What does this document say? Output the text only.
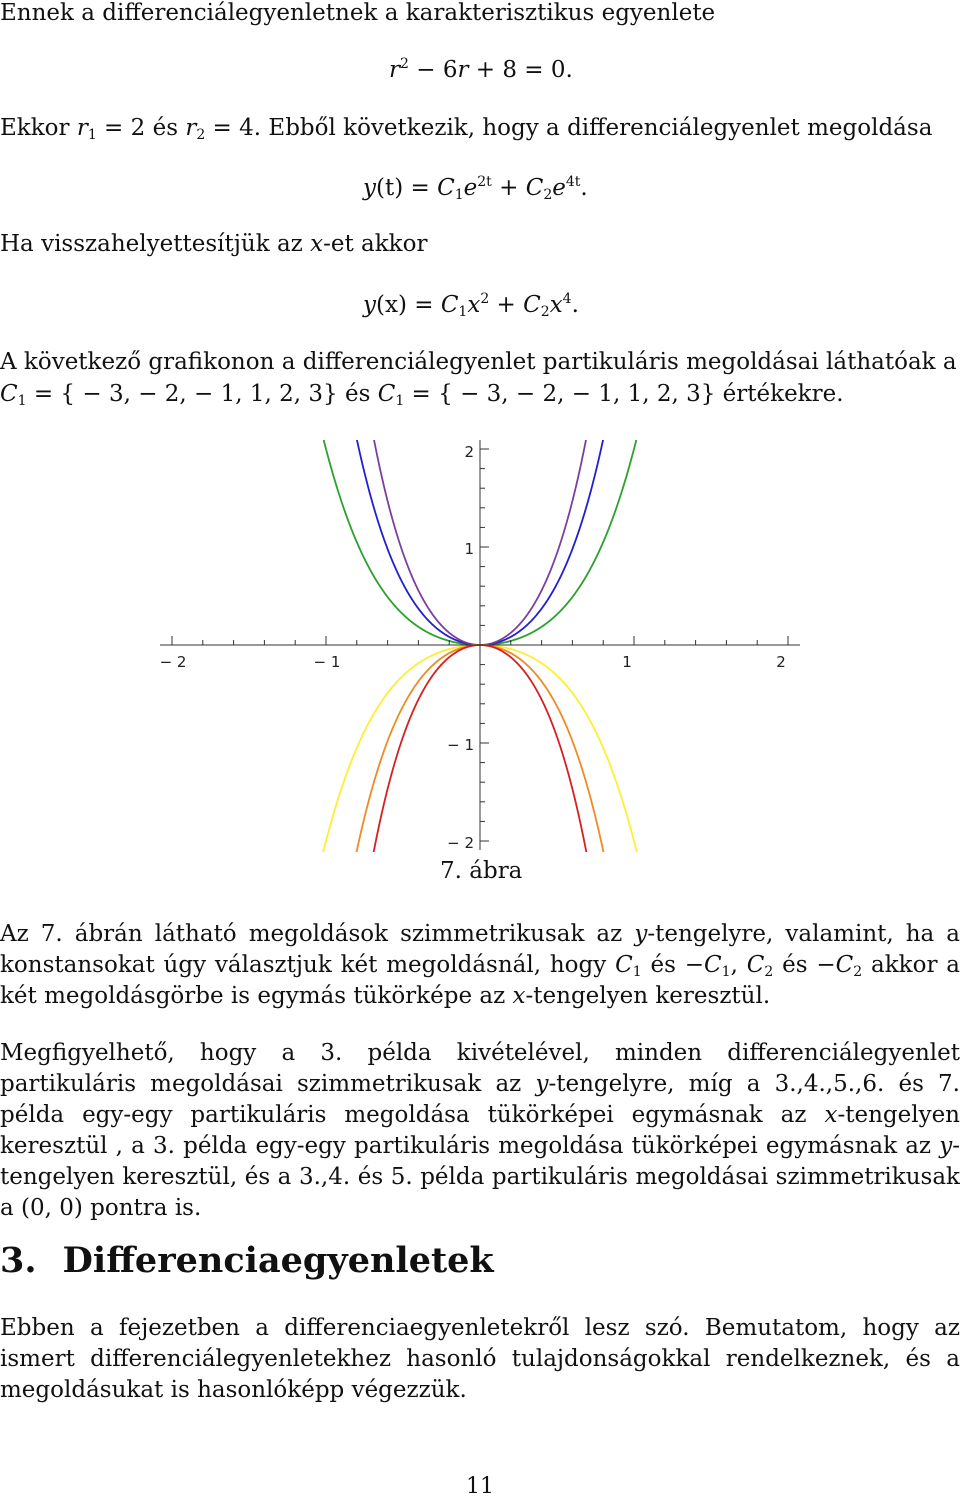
Ennek a differenciálegyenletnek a karakterisztikus egyenlete
$r^2 - 6r + 8 = 0$.
Ekkor $r_1 = 2$ és $r_2 = 4$. Ebből következik, hogy a differenciálegyenlet megoldása
$y(t) = C_1e^{2t} + C_2e^{4t}$.
Ha visszahelyettesítjük az x-et akkor
$y(x) = C_1x^2 + C_2x^4$.
A következő grafikonon a differenciálegyenlet partikuláris megoldásai láthatóak a
$C_1$ = { − 3, − 2, − 1, 1, 2, 3} és $C_1$ = { − 3, − 2, − 1, 1, 2, 3} értékekre.
− 2	− 1	1	2
2
1
− 1
− 2
7. ábra
Az 7. ábrán látható megoldások szimmetrikusak az y-tengelyre, valamint, ha a konstansokat úgy választjuk két megoldásnál, hogy $C_1$ és $-C_1$, $C_2$ és $-C_2$ akkor a két megoldásgörbe is egymás tükörképe az x-tengelyen keresztül.
Megfigyelhető, hogy a 3. példa kivételével, minden differenciálegyenlet partikuláris megoldásai szimmetrikusak az y-tengelyre, míg a 3.,4.,5.,6. és 7. példa egy-egy partikuláris megoldása tükörképei egymásnak az x-tengelyen keresztül , a 3. példa egy-egy partikuláris megoldása tükörképei egymásnak az y-tengelyen keresztül, és a 3.,4. és 5. példa partikuláris megoldásai szimmetrikusak a (0, 0) pontra is.
3. Differenciaegyenletek
Ebben a fejezetben a differenciaegyenletekről lesz szó. Bemutatom, hogy az ismert differenciálegyenletekhez hasonló tulajdonságokkal rendelkeznek, és a megoldásukat is hasonlóképp végezzük.
11
